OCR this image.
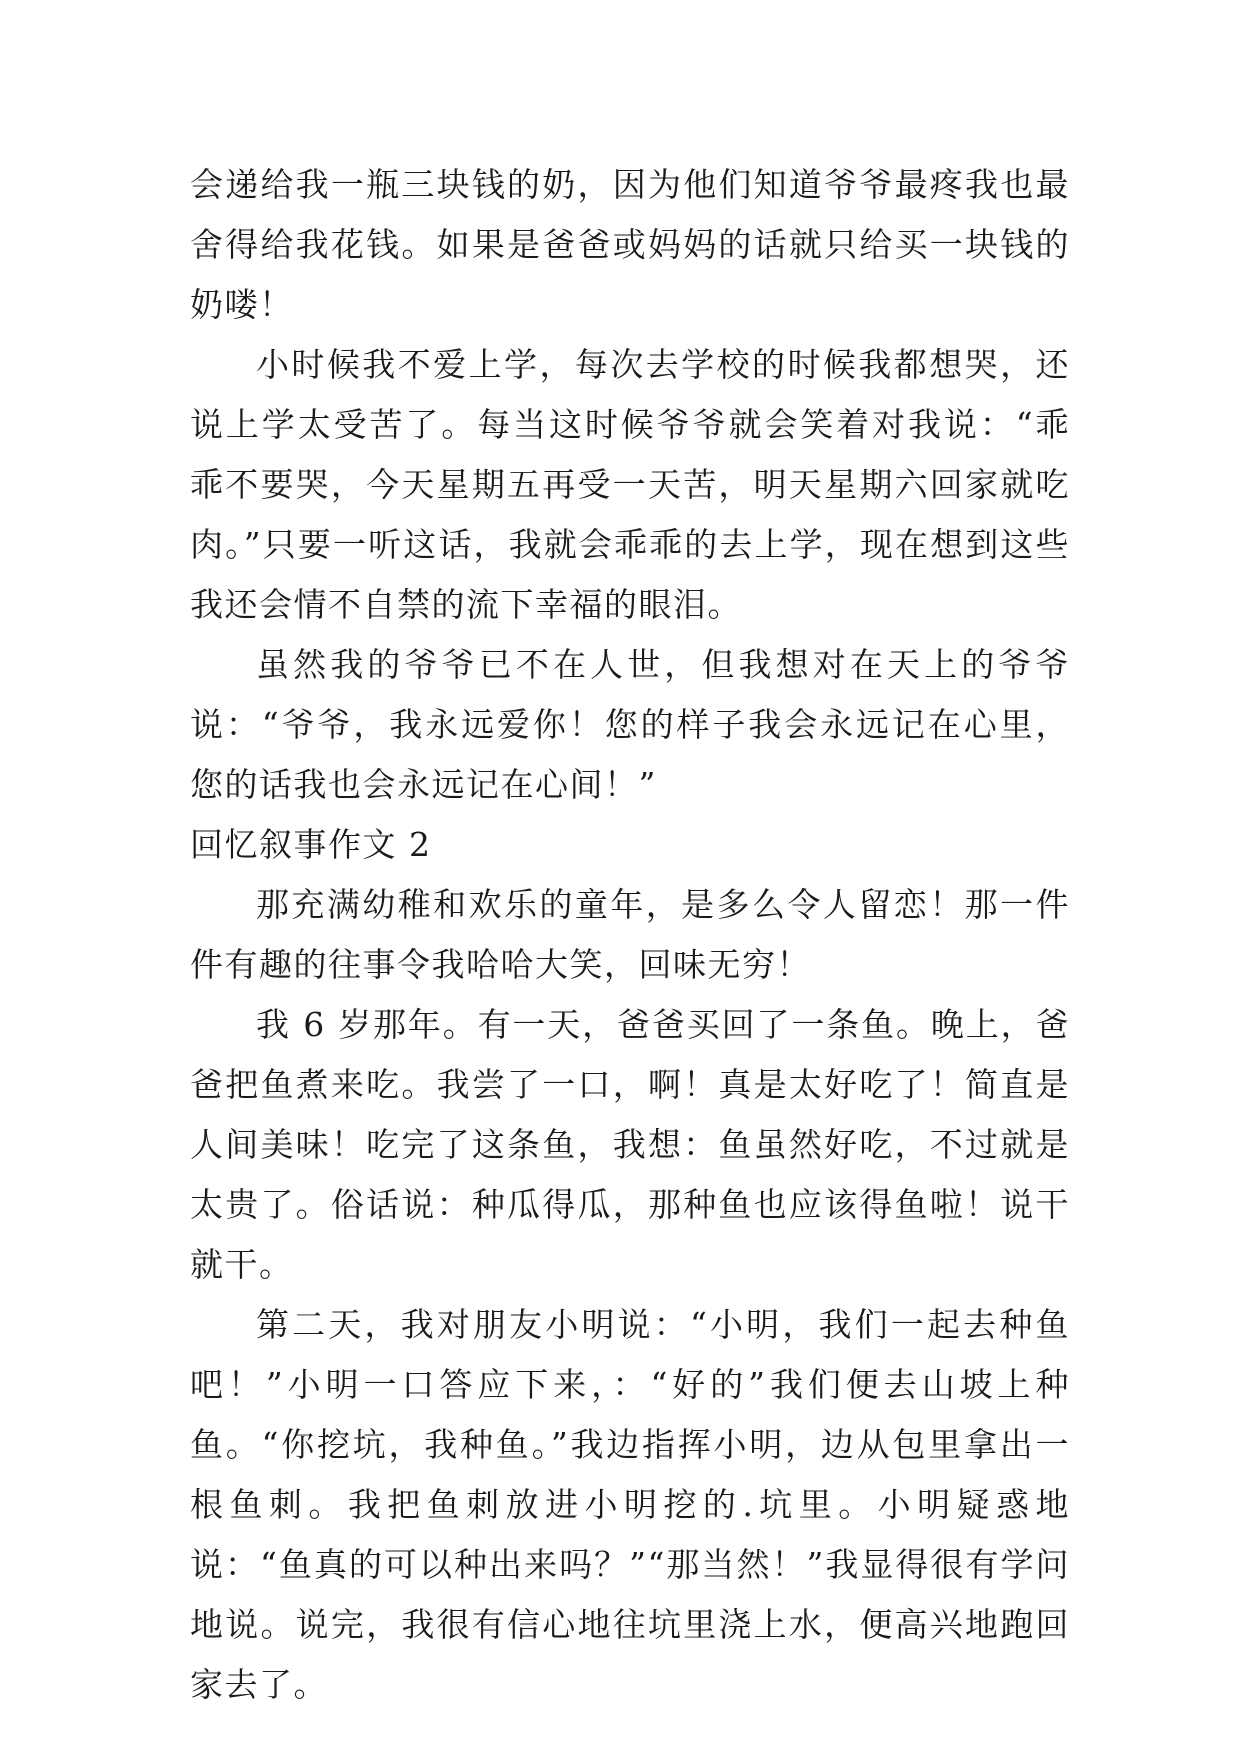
会递给我一瓶三块钱的奶，因为他们知道爷爷最疼我也最舍得给我花钱。如果是爸爸或妈妈的话就只给买一块钱的奶喽！

小时候我不爱上学，每次去学校的时候我都想哭，还说上学太受苦了。每当这时候爷爷就会笑着对我说：“乖乖不要哭，今天星期五再受一天苦，明天星期六回家就吃肉。”只要一听这话，我就会乖乖的去上学，现在想到这些我还会情不自禁的流下幸福的眼泪。

虽然我的爷爷已不在人世，但我想对在天上的爷爷说：“爷爷，我永远爱你！您的样子我会永远记在心里，您的话我也会永远记在心间！”

回忆叙事作文 2

那充满幼稚和欢乐的童年，是多么令人留恋！那一件件有趣的往事令我哈哈大笑，回味无穷！

我 6 岁那年。有一天，爸爸买回了一条鱼。晚上，爸爸把鱼煮来吃。我尝了一口，啊！真是太好吃了！简直是人间美味！吃完了这条鱼，我想：鱼虽然好吃，不过就是太贵了。俗话说：种瓜得瓜，那种鱼也应该得鱼啦！说干就干。

第二天，我对朋友小明说：“小明，我们一起去种鱼吧！”小明一口答应下来，：“好的”我们便去山坡上种鱼。“你挖坑，我种鱼。”我边指挥小明，边从包里拿出一根鱼刺。我把鱼刺放进小明挖的.坑里。小明疑惑地说：“鱼真的可以种出来吗？”“那当然！”我显得很有学问地说。说完，我很有信心地往坑里浇上水，便高兴地跑回家去了。
